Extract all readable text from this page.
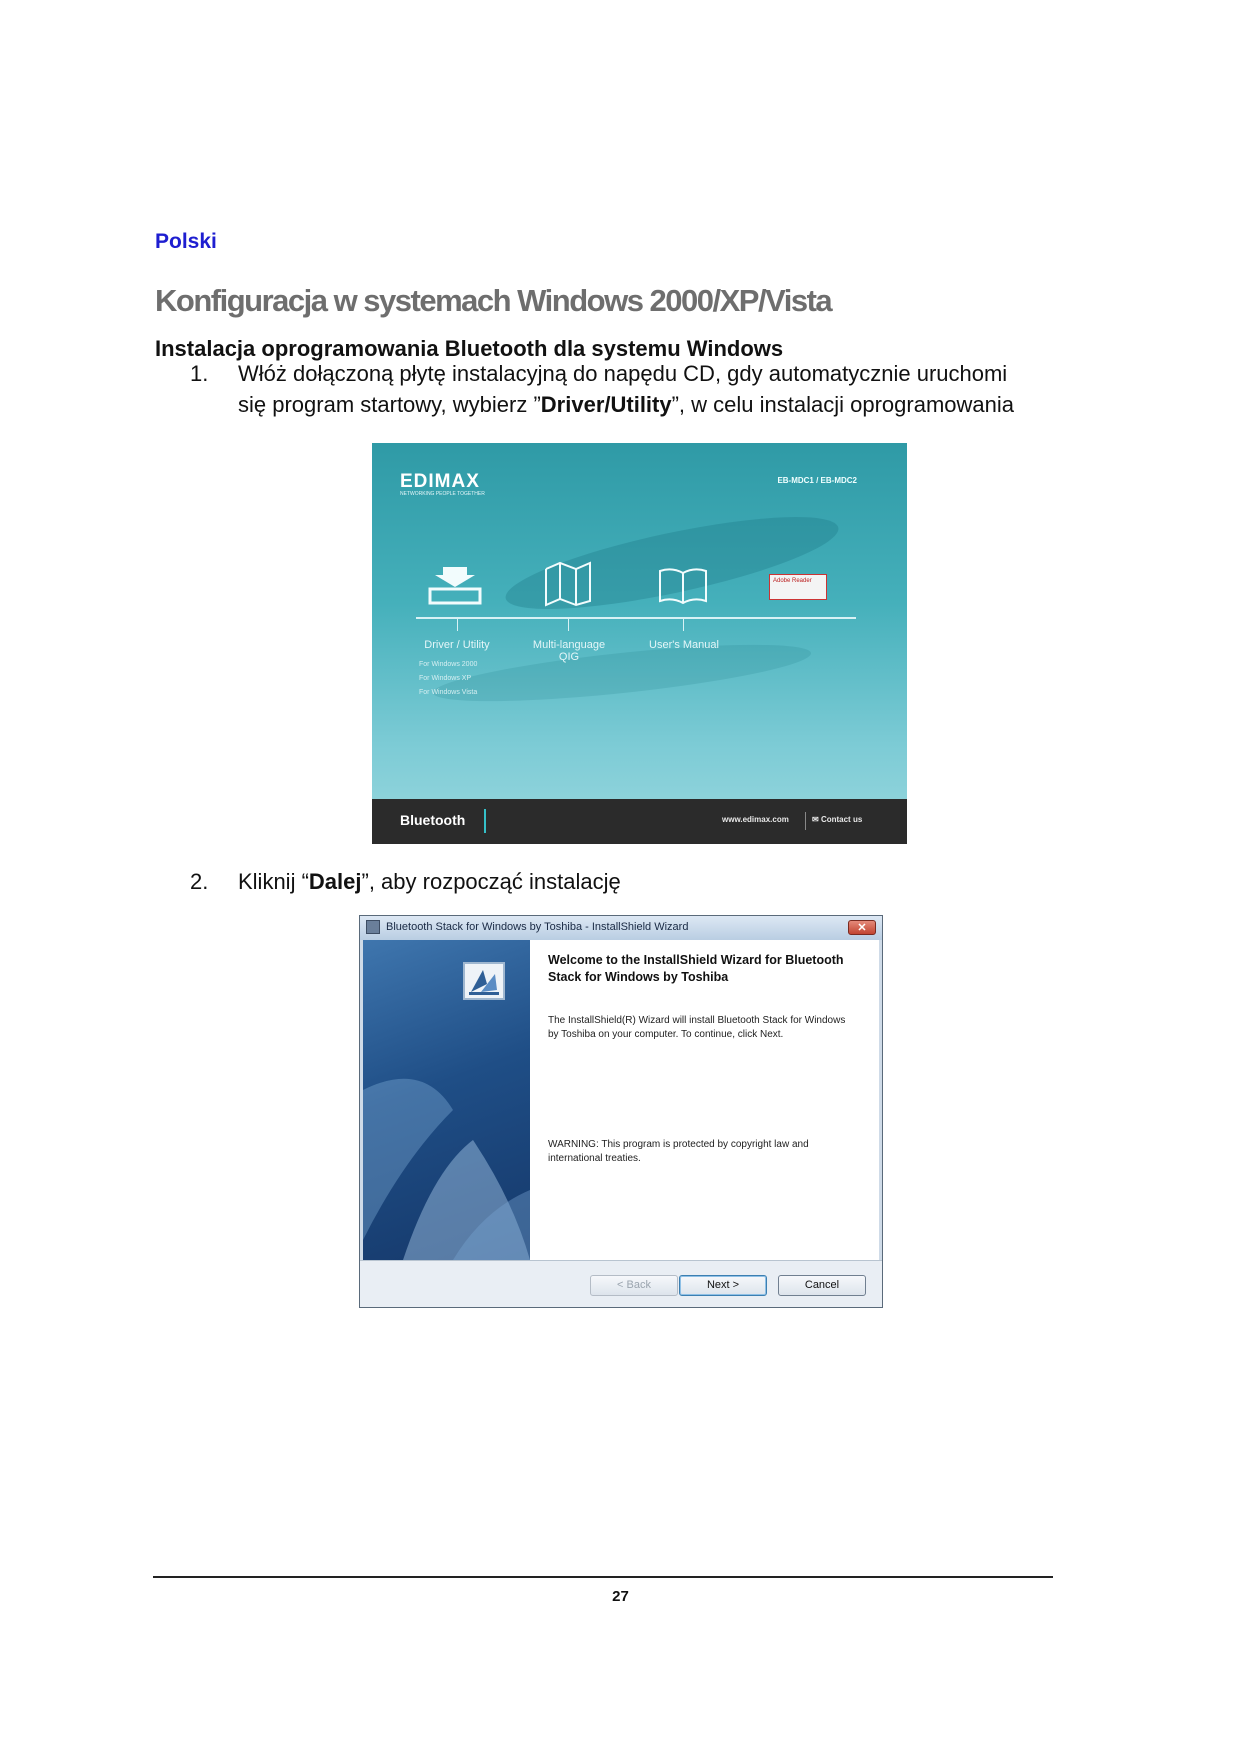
Polski
Konfiguracja w systemach Windows 2000/XP/Vista
Instalacja oprogramowania Bluetooth dla systemu Windows
1. Włóż dołączoną płytę instalacyjną do napędu CD, gdy automatycznie uruchomi
się program startowy, wybierz ”Driver/Utility”, w celu instalacji oprogramowania
EDIMAX
NETWORKING PEOPLE TOGETHER
EB-MDC1 / EB-MDC2
Adobe Reader
Driver / Utility	Multi-language
QIG
User's Manual
For Windows 2000
For Windows XP
For Windows Vista
Bluetooth	www.edimax.com	✉ Contact us
2. Kliknij “Dalej”, aby rozpocząć instalację
Bluetooth Stack for Windows by Toshiba - InstallShield Wizard	✕
Welcome to the InstallShield Wizard for Bluetooth Stack for Windows by Toshiba
The InstallShield(R) Wizard will install Bluetooth Stack for Windows by Toshiba on your computer. To continue, click Next.
WARNING: This program is protected by copyright law and international treaties.
< Back	Next >	Cancel
27
